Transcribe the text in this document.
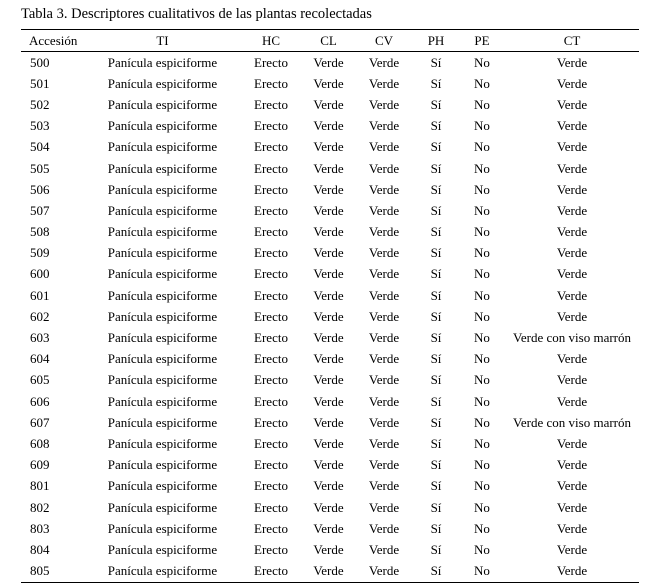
Tabla 3. Descriptores cualitativos de las plantas recolectadas
Accesión	TI	HC	CL	CV	PH	PE	CT
500	Panícula espiciforme	Erecto	Verde	Verde	Sí	No	Verde
501	Panícula espiciforme	Erecto	Verde	Verde	Sí	No	Verde
502	Panícula espiciforme	Erecto	Verde	Verde	Sí	No	Verde
503	Panícula espiciforme	Erecto	Verde	Verde	Sí	No	Verde
504	Panícula espiciforme	Erecto	Verde	Verde	Sí	No	Verde
505	Panícula espiciforme	Erecto	Verde	Verde	Sí	No	Verde
506	Panícula espiciforme	Erecto	Verde	Verde	Sí	No	Verde
507	Panícula espiciforme	Erecto	Verde	Verde	Sí	No	Verde
508	Panícula espiciforme	Erecto	Verde	Verde	Sí	No	Verde
509	Panícula espiciforme	Erecto	Verde	Verde	Sí	No	Verde
600	Panícula espiciforme	Erecto	Verde	Verde	Sí	No	Verde
601	Panícula espiciforme	Erecto	Verde	Verde	Sí	No	Verde
602	Panícula espiciforme	Erecto	Verde	Verde	Sí	No	Verde
603	Panícula espiciforme	Erecto	Verde	Verde	Sí	No	Verde con viso marrón
604	Panícula espiciforme	Erecto	Verde	Verde	Sí	No	Verde
605	Panícula espiciforme	Erecto	Verde	Verde	Sí	No	Verde
606	Panícula espiciforme	Erecto	Verde	Verde	Sí	No	Verde
607	Panícula espiciforme	Erecto	Verde	Verde	Sí	No	Verde con viso marrón
608	Panícula espiciforme	Erecto	Verde	Verde	Sí	No	Verde
609	Panícula espiciforme	Erecto	Verde	Verde	Sí	No	Verde
801	Panícula espiciforme	Erecto	Verde	Verde	Sí	No	Verde
802	Panícula espiciforme	Erecto	Verde	Verde	Sí	No	Verde
803	Panícula espiciforme	Erecto	Verde	Verde	Sí	No	Verde
804	Panícula espiciforme	Erecto	Verde	Verde	Sí	No	Verde
805	Panícula espiciforme	Erecto	Verde	Verde	Sí	No	Verde
